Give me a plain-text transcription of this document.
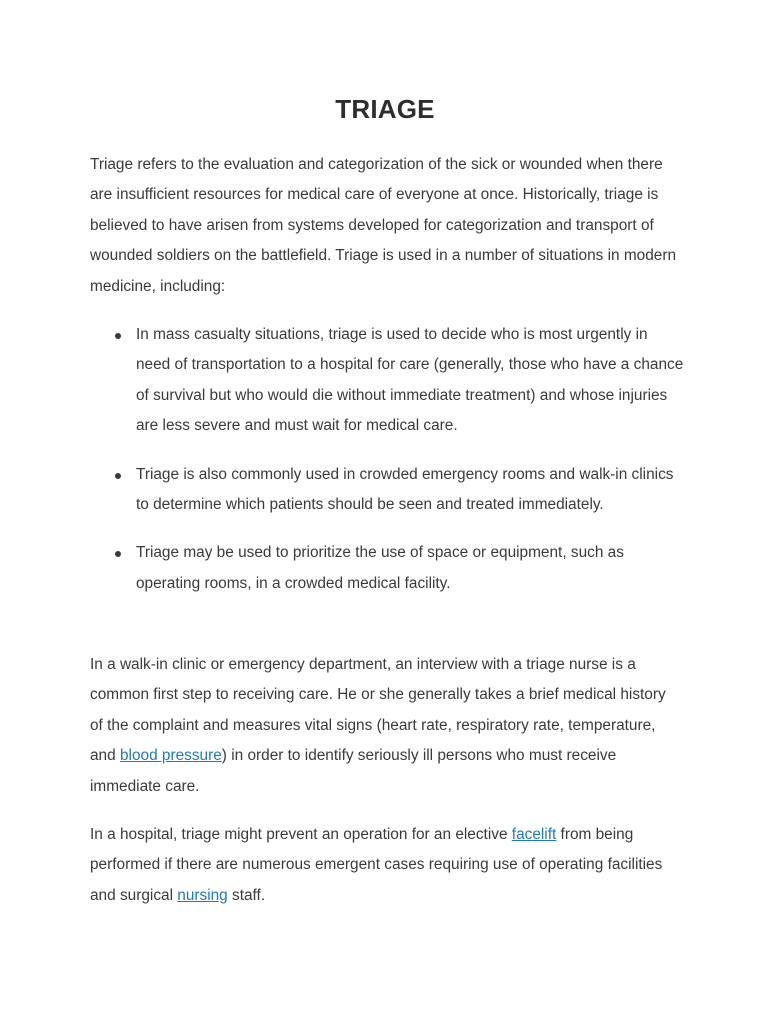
TRIAGE

Triage refers to the evaluation and categorization of the sick or wounded when there are insufficient resources for medical care of everyone at once. Historically, triage is believed to have arisen from systems developed for categorization and transport of wounded soldiers on the battlefield. Triage is used in a number of situations in modern medicine, including:

In mass casualty situations, triage is used to decide who is most urgently in need of transportation to a hospital for care (generally, those who have a chance of survival but who would die without immediate treatment) and whose injuries are less severe and must wait for medical care.
Triage is also commonly used in crowded emergency rooms and walk-in clinics to determine which patients should be seen and treated immediately.
Triage may be used to prioritize the use of space or equipment, such as operating rooms, in a crowded medical facility.

In a walk-in clinic or emergency department, an interview with a triage nurse is a common first step to receiving care. He or she generally takes a brief medical history of the complaint and measures vital signs (heart rate, respiratory rate, temperature, and blood pressure) in order to identify seriously ill persons who must receive immediate care.

In a hospital, triage might prevent an operation for an elective facelift from being performed if there are numerous emergent cases requiring use of operating facilities and surgical nursing staff.
